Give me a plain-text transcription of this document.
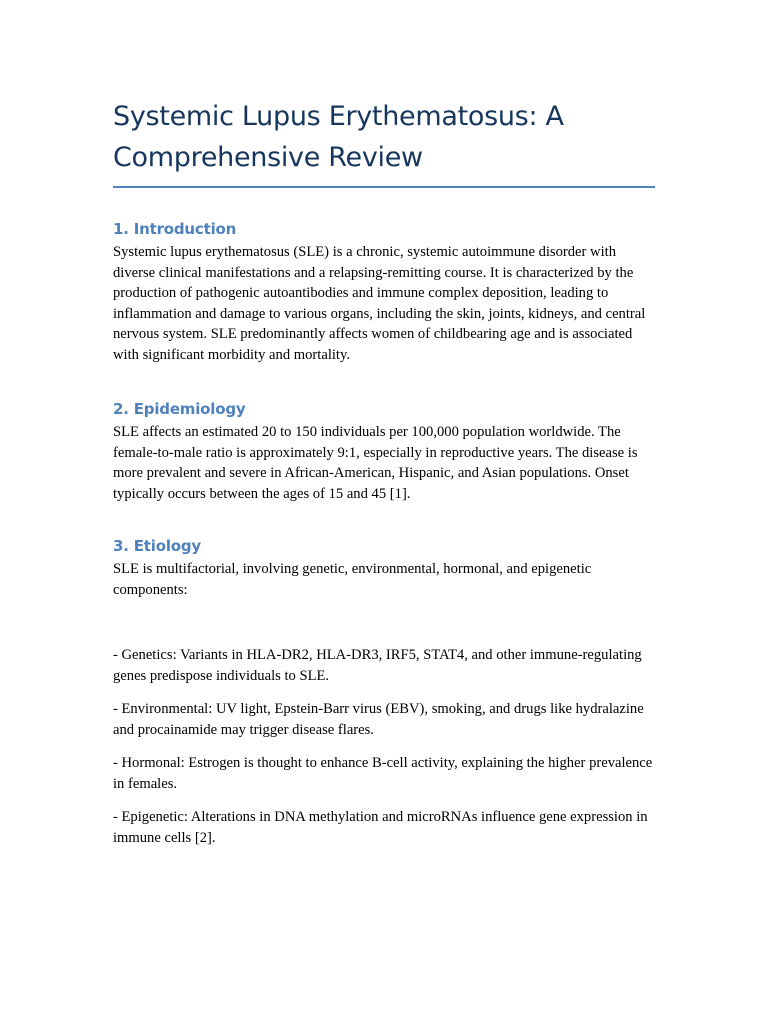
Systemic Lupus Erythematosus: A Comprehensive Review
1. Introduction

Systemic lupus erythematosus (SLE) is a chronic, systemic autoimmune disorder with diverse clinical manifestations and a relapsing-remitting course. It is characterized by the production of pathogenic autoantibodies and immune complex deposition, leading to inflammation and damage to various organs, including the skin, joints, kidneys, and central nervous system. SLE predominantly affects women of childbearing age and is associated with significant morbidity and mortality.

2. Epidemiology

SLE affects an estimated 20 to 150 individuals per 100,000 population worldwide. The female-to-male ratio is approximately 9:1, especially in reproductive years. The disease is more prevalent and severe in African-American, Hispanic, and Asian populations. Onset typically occurs between the ages of 15 and 45 [1].

3. Etiology

SLE is multifactorial, involving genetic, environmental, hormonal, and epigenetic components:

- Genetics: Variants in HLA-DR2, HLA-DR3, IRF5, STAT4, and other immune-regulating genes predispose individuals to SLE.

- Environmental: UV light, Epstein-Barr virus (EBV), smoking, and drugs like hydralazine and procainamide may trigger disease flares.

- Hormonal: Estrogen is thought to enhance B-cell activity, explaining the higher prevalence in females.

- Epigenetic: Alterations in DNA methylation and microRNAs influence gene expression in immune cells [2].
